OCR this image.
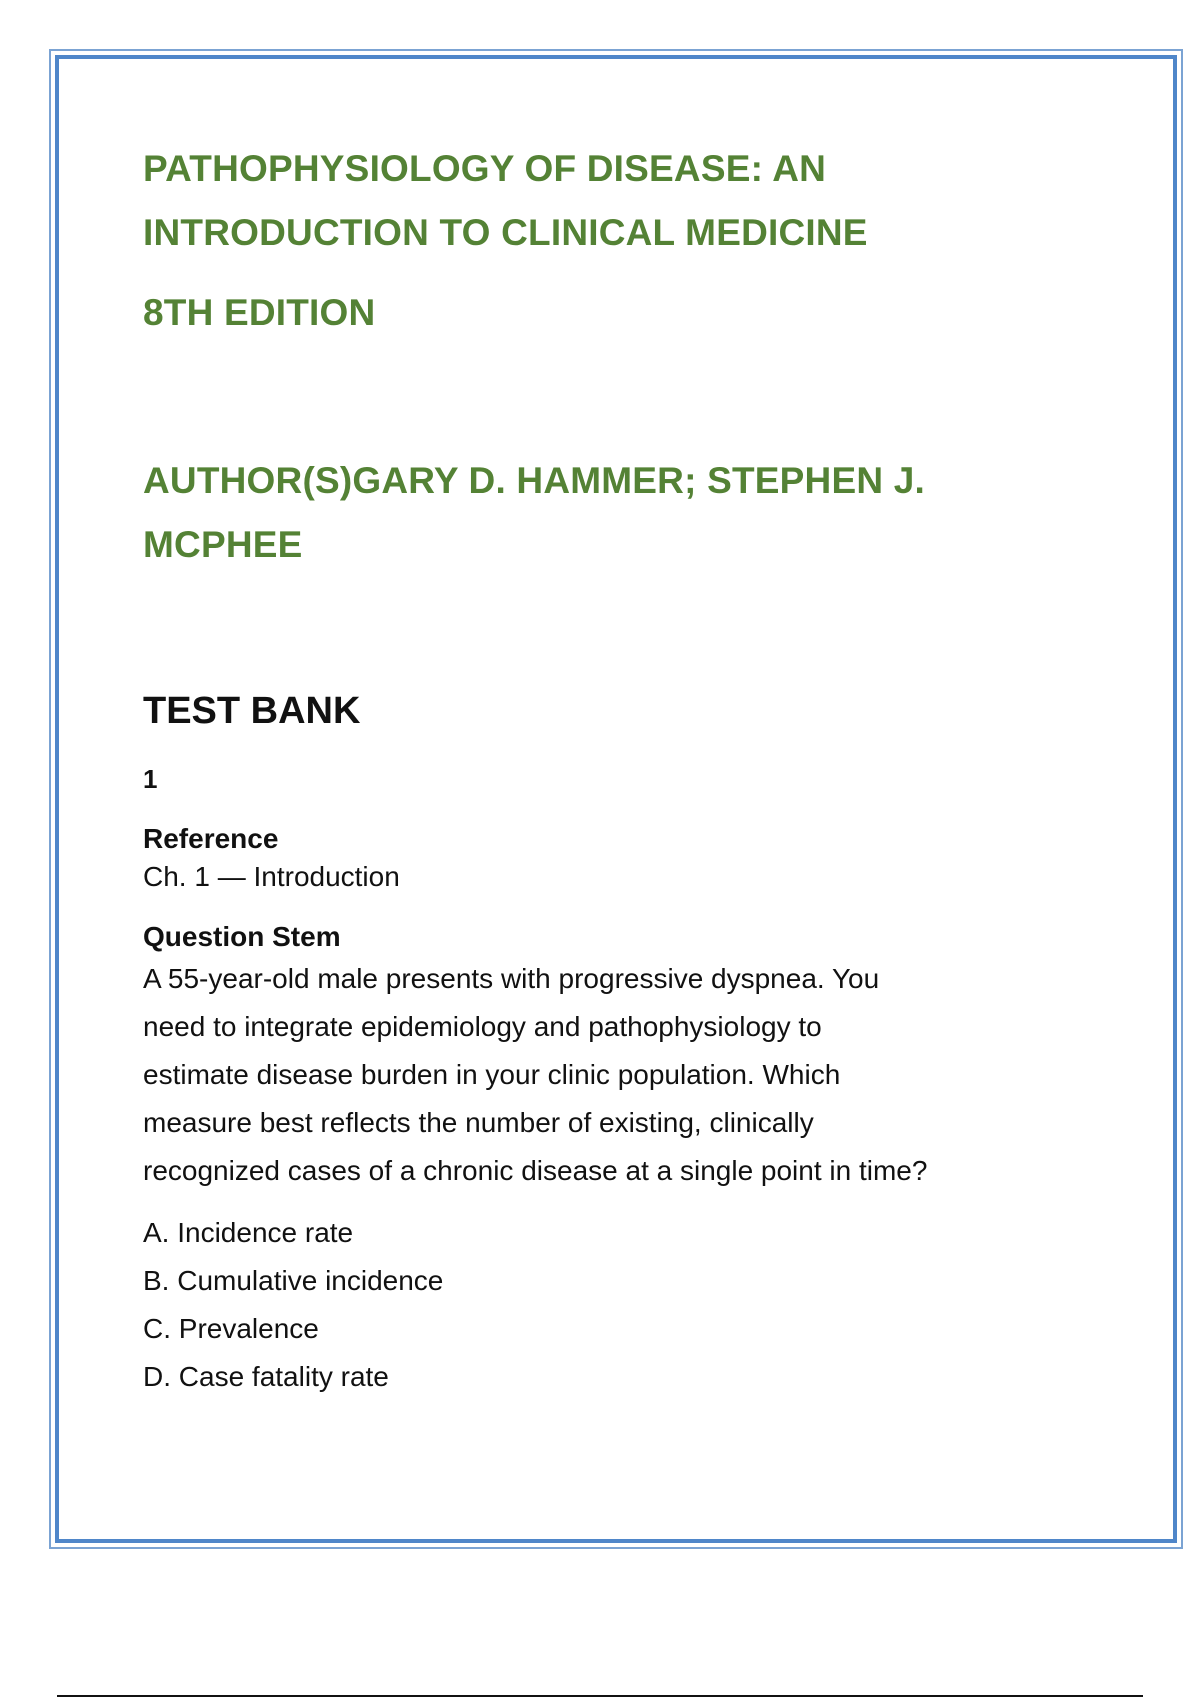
PATHOPHYSIOLOGY OF DISEASE: AN

INTRODUCTION TO CLINICAL MEDICINE

8TH EDITION

AUTHOR(S)GARY D. HAMMER; STEPHEN J.

MCPHEE

TEST BANK
1
Reference

Ch. 1 — Introduction

Question Stem

A 55-year-old male presents with progressive dyspnea. You

need to integrate epidemiology and pathophysiology to

estimate disease burden in your clinic population. Which

measure best reflects the number of existing, clinically

recognized cases of a chronic disease at a single point in time?

A. Incidence rate
B. Cumulative incidence
C. Prevalence
D. Case fatality rate
